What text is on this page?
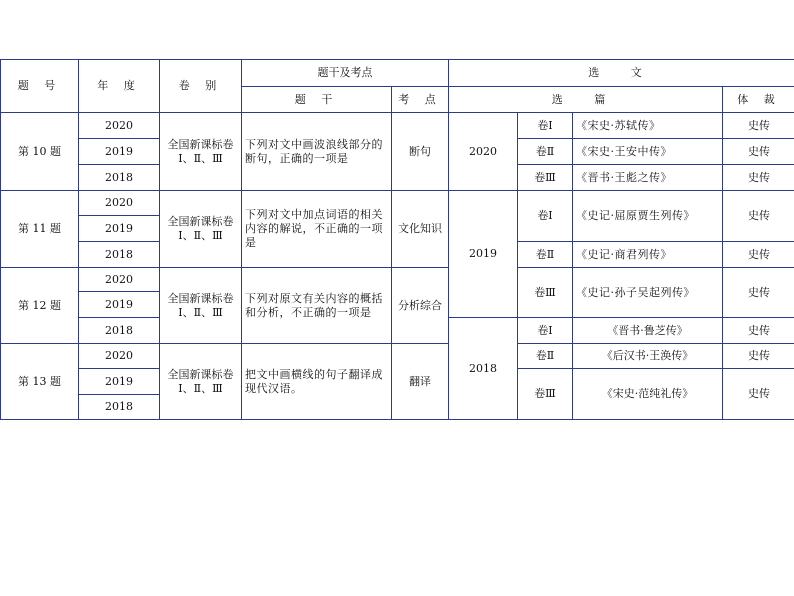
题 号	年 度	卷 别	题干及考点		选 文			
			题 干	考 点	选 篇			体 裁
第 10 题	2020	全国新课标卷Ⅰ、Ⅱ、Ⅲ	下列对文中画波浪线部分的断句，正确的一项是	断句	2020	卷Ⅰ	《宋史·苏轼传》	史传
	2019					卷Ⅱ	《宋史·王安中传》	史传
	2018					卷Ⅲ	《晋书·王彪之传》	史传
第 11 题	2020	全国新课标卷Ⅰ、Ⅱ、Ⅲ	下列对文中加点词语的相关内容的解说，不正确的一项是	文化知识	2019	卷Ⅰ	《史记·屈原贾生列传》	史传
	2019							
	2018					卷Ⅱ	《史记·商君列传》	史传
第 12 题	2020	全国新课标卷Ⅰ、Ⅱ、Ⅲ	下列对原文有关内容的概括和分析，不正确的一项是	分析综合		卷Ⅲ	《史记·孙子吴起列传》	史传
	2019							
	2018				2018	卷Ⅰ	《晋书·鲁芝传》	史传
第 13 题	2020	全国新课标卷Ⅰ、Ⅱ、Ⅲ	把文中画横线的句子翻译成现代汉语。	翻译		卷Ⅱ	《后汉书·王涣传》	史传
	2019					卷Ⅲ	《宋史·范纯礼传》	史传
	2018							
